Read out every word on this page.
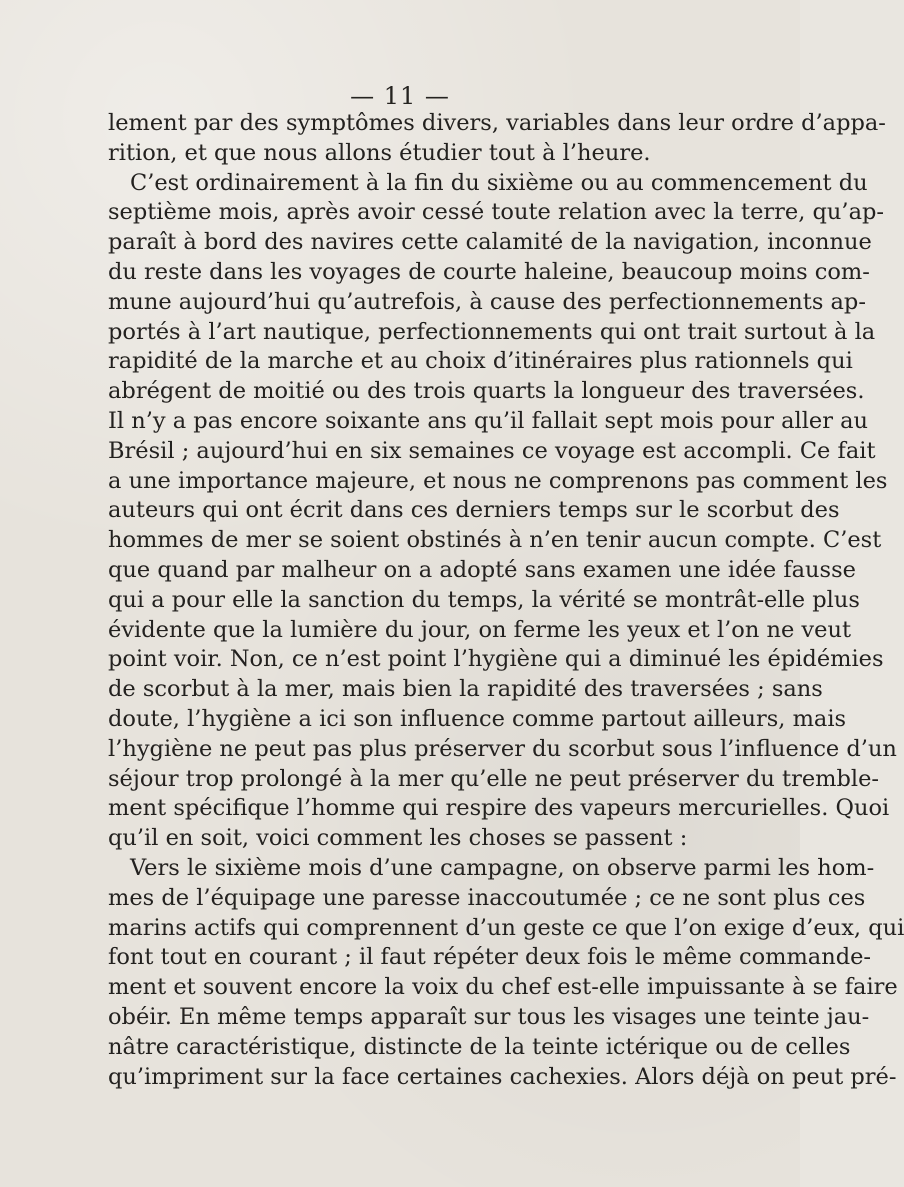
— 11 —
lement par des symptômes divers, variables dans leur ordre d’appa-
rition, et que nous allons étudier tout à l’heure.
C’est ordinairement à la fin du sixième ou au commencement du
septième mois, après avoir cessé toute relation avec la terre, qu’ap-
paraît à bord des navires cette calamité de la navigation, inconnue
du reste dans les voyages de courte haleine, beaucoup moins com-
mune aujourd’hui qu’autrefois, à cause des perfectionnements ap-
portés à l’art nautique, perfectionnements qui ont trait surtout à la
rapidité de la marche et au choix d’itinéraires plus rationnels qui
abrégent de moitié ou des trois quarts la longueur des traversées.
Il n’y a pas encore soixante ans qu’il fallait sept mois pour aller au
Brésil ; aujourd’hui en six semaines ce voyage est accompli. Ce fait
a une importance majeure, et nous ne comprenons pas comment les
auteurs qui ont écrit dans ces derniers temps sur le scorbut des
hommes de mer se soient obstinés à n’en tenir aucun compte. C’est
que quand par malheur on a adopté sans examen une idée fausse
qui a pour elle la sanction du temps, la vérité se montrât-elle plus
évidente que la lumière du jour, on ferme les yeux et l’on ne veut
point voir. Non, ce n’est point l’hygiène qui a diminué les épidémies
de scorbut à la mer, mais bien la rapidité des traversées ; sans
doute, l’hygiène a ici son influence comme partout ailleurs, mais
l’hygiène ne peut pas plus préserver du scorbut sous l’influence d’un
séjour trop prolongé à la mer qu’elle ne peut préserver du tremble-
ment spécifique l’homme qui respire des vapeurs mercurielles. Quoi
qu’il en soit, voici comment les choses se passent :
Vers le sixième mois d’une campagne, on observe parmi les hom-
mes de l’équipage une paresse inaccoutumée ; ce ne sont plus ces
marins actifs qui comprennent d’un geste ce que l’on exige d’eux, qui
font tout en courant ; il faut répéter deux fois le même commande-
ment et souvent encore la voix du chef est-elle impuissante à se faire
obéir. En même temps apparaît sur tous les visages une teinte jau-
nâtre caractéristique, distincte de la teinte ictérique ou de celles
qu’impriment sur la face certaines cachexies. Alors déjà on peut pré-
